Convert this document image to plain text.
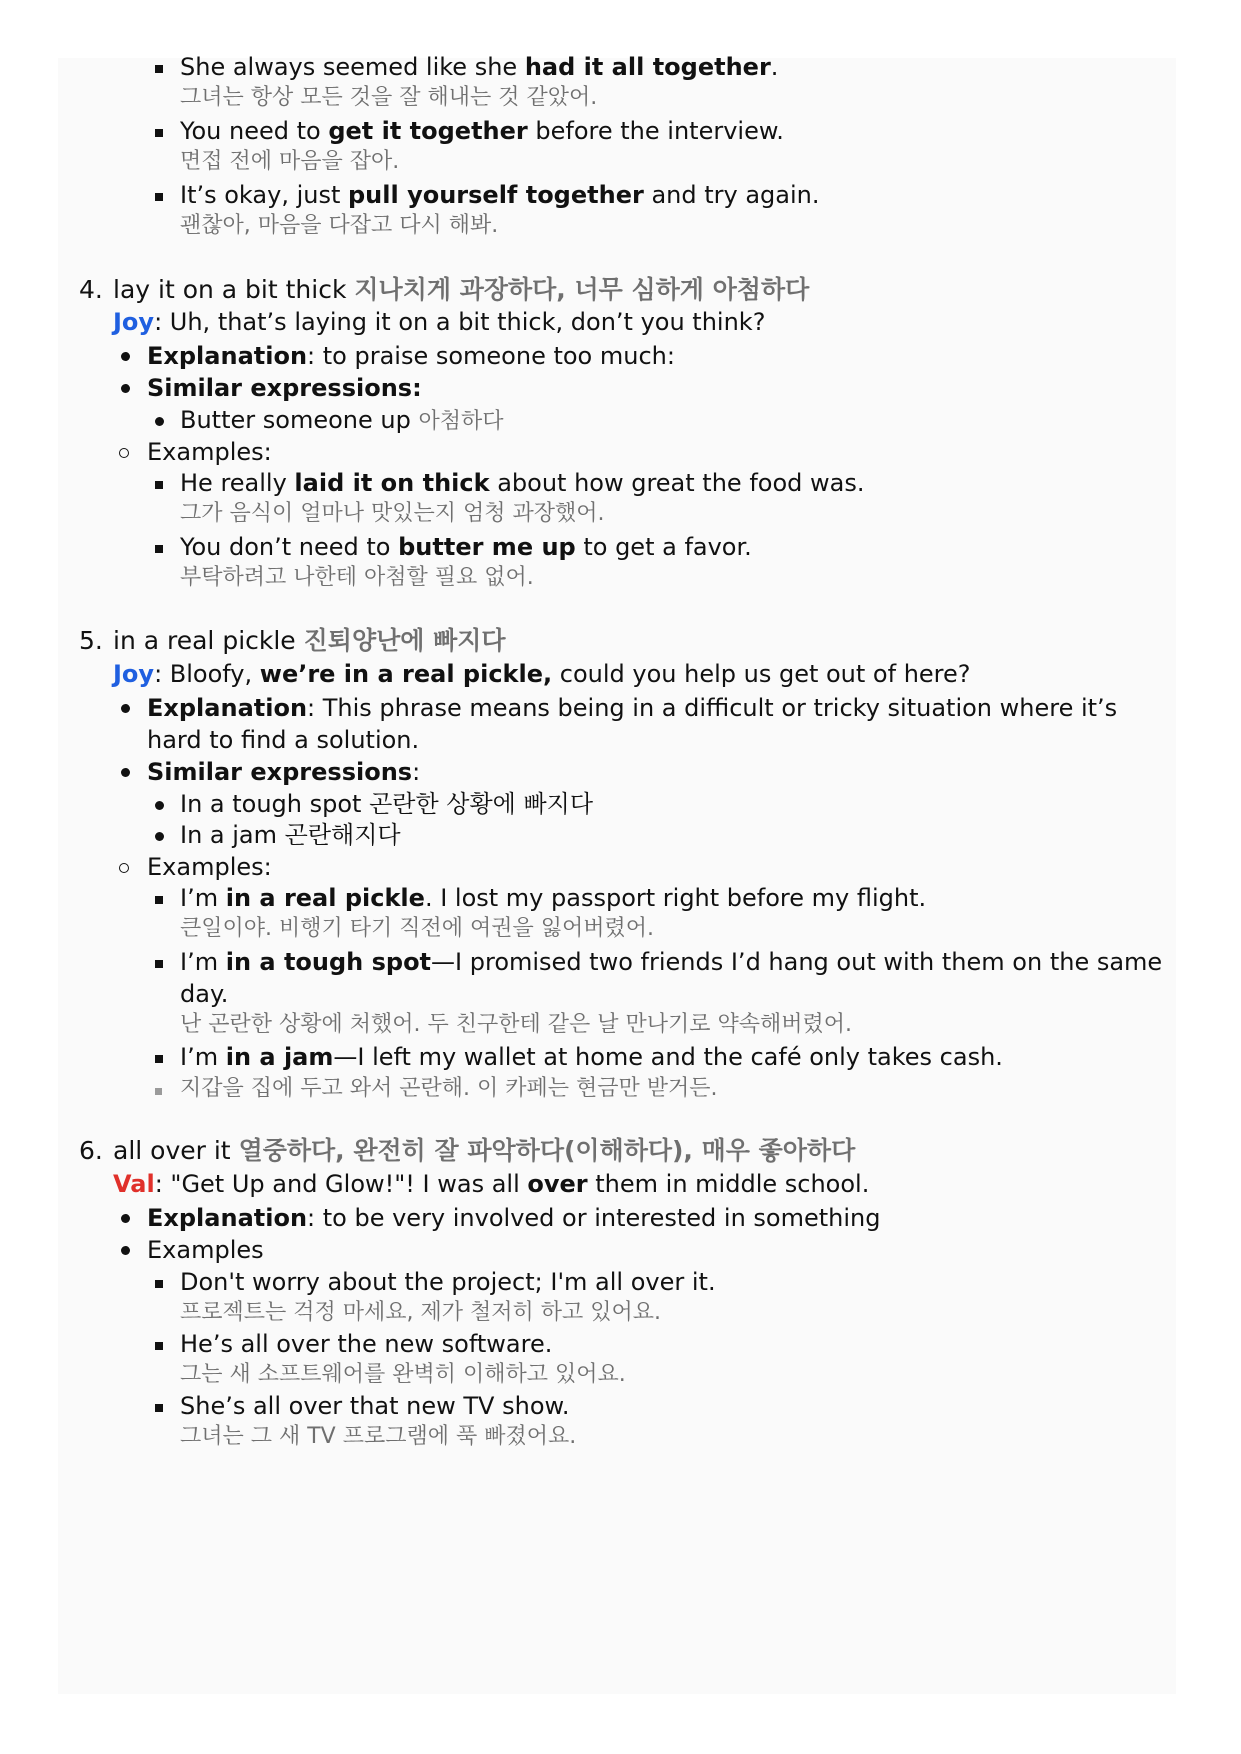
She always seemed like she had it all together.
그녀는 항상 모든 것을 잘 해내는 것 같았어.
You need to get it together before the interview.
면접 전에 마음을 잡아.
It’s okay, just pull yourself together and try again.
괜찮아, 마음을 다잡고 다시 해봐.
4. lay it on a bit thick 지나치게 과장하다, 너무 심하게 아첨하다
Joy: Uh, that’s laying it on a bit thick, don’t you think?
Explanation: to praise someone too much:
Similar expressions:
Butter someone up 아첨하다
Examples:
He really laid it on thick about how great the food was.
그가 음식이 얼마나 맛있는지 엄청 과장했어.
You don’t need to butter me up to get a favor.
부탁하려고 나한테 아첨할 필요 없어.
5. in a real pickle 진퇴양난에 빠지다
Joy: Bloofy, we’re in a real pickle, could you help us get out of here?
Explanation: This phrase means being in a difficult or tricky situation where it’s
hard to find a solution.
Similar expressions:
In a tough spot 곤란한 상황에 빠지다
In a jam 곤란해지다
Examples:
I’m in a real pickle. I lost my passport right before my flight.
큰일이야. 비행기 타기 직전에 여권을 잃어버렸어.
I’m in a tough spot—I promised two friends I’d hang out with them on the same
day.
난 곤란한 상황에 처했어. 두 친구한테 같은 날 만나기로 약속해버렸어.
I’m in a jam—I left my wallet at home and the café only takes cash.
지갑을 집에 두고 와서 곤란해. 이 카페는 현금만 받거든.
6. all over it 열중하다, 완전히 잘 파악하다(이해하다), 매우 좋아하다
Val: "Get Up and Glow!"! I was all over them in middle school.
Explanation: to be very involved or interested in something
Examples
Don't worry about the project; I'm all over it.
프로젝트는 걱정 마세요, 제가 철저히 하고 있어요.
He’s all over the new software.
그는 새 소프트웨어를 완벽히 이해하고 있어요.
She’s all over that new TV show.
그녀는 그 새 TV 프로그램에 푹 빠졌어요.
